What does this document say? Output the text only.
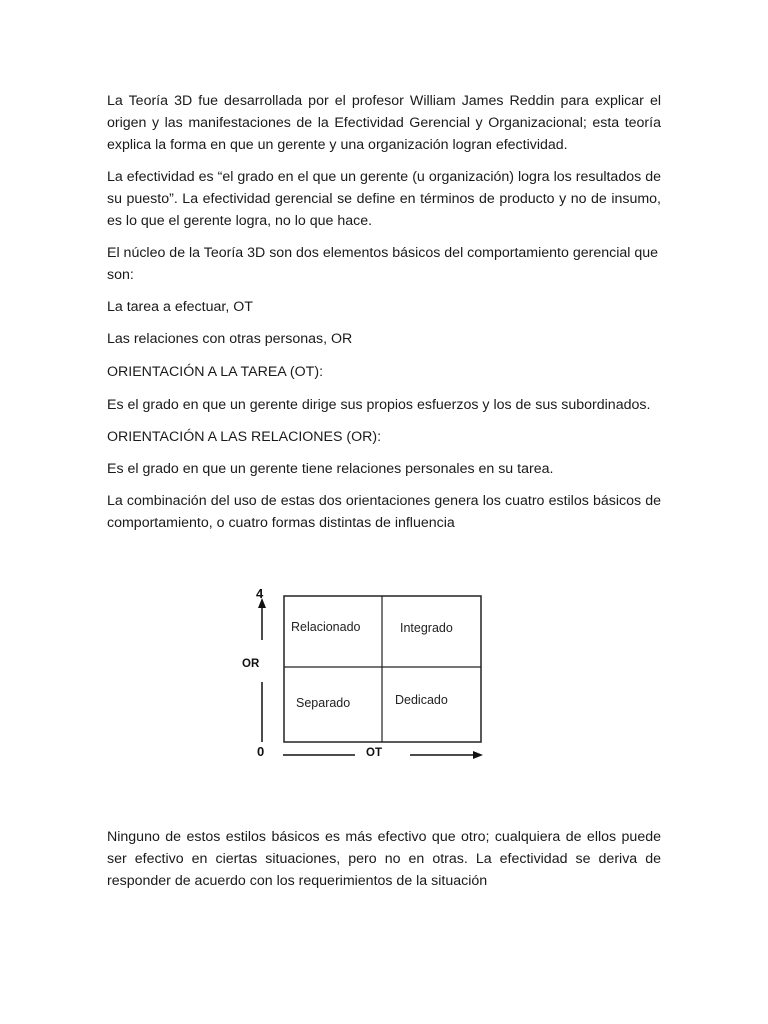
La Teoría 3D fue desarrollada por el profesor William James Reddin para explicar el origen y las manifestaciones de la Efectividad Gerencial y Organizacional; esta teoría explica la forma en que un gerente y una organización logran efectividad.

La efectividad es “el grado en el que un gerente (u organización) logra los resultados de su puesto”. La efectividad gerencial se define en términos de producto y no de insumo, es lo que el gerente logra, no lo que hace.

El núcleo de la Teoría 3D son dos elementos básicos del comportamiento gerencial que son:

La tarea a efectuar, OT

Las relaciones con otras personas, OR

ORIENTACIÓN A LA TAREA (OT):

Es el grado en que un gerente dirige sus propios esfuerzos y los de sus subordinados.

ORIENTACIÓN A LAS RELACIONES (OR):

Es el grado en que un gerente tiene relaciones personales en su tarea.

La combinación del uso de estas dos orientaciones genera los cuatro estilos básicos de comportamiento, o cuatro formas distintas de influencia

4
0
OR
OT
Relacionado	Integrado
Separado	Dedicado

Ninguno de estos estilos básicos es más efectivo que otro; cualquiera de ellos puede ser efectivo en ciertas situaciones, pero no en otras. La efectividad se deriva de responder de acuerdo con los requerimientos de la situación
